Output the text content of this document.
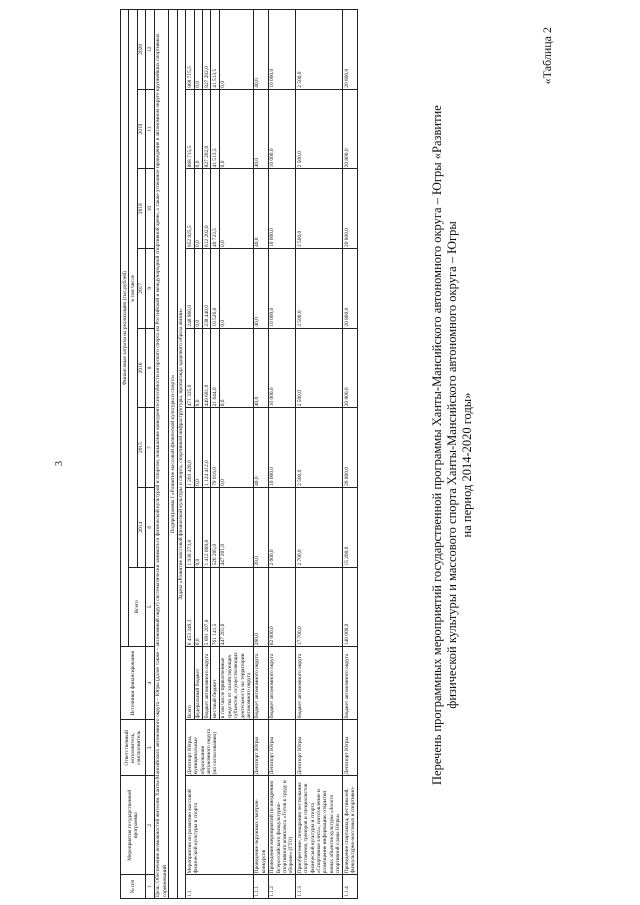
3
«Таблица 2
Перечень программных мероприятий государственной программы Ханты-Мансийского автономного округа – Югры «Развитие физической культуры и массового спорта Ханты-Мансийского автономного округа – Югры на период 2014-2020 годы»
№ п/п	Мероприятия государственной программы	Ответственный исполнитель, соисполнитель	Источники финансирования	Финансовые затраты на реализацию (тыс.рублей)							
				Всего	в том числе						
					2014	2015	2016	2017	2018	2019	2020
1	2	3	4	5	6	7	8	9	10	11	12
Цель: Обеспечение возможностей жителям Ханты-Мансийского автономного округа – Югры (далее также – автономный округ) систематически заниматься физической культурой и спортом, повышение конкурентоспособности югорского спорта на Российской и международной спортивной арене, а также успешное проведение в автономном округе крупнейших спортивных соревнований											
Подпрограмма I «Развитие массовой физической культуры и спорта»											
Задача «Развитие массовой физической культуры и спорта, спортивной инфраструктуры, пропаганда здорового образа жизни»											
1.1	Мероприятия по развитию массовой физической культуры и спорта	Депспорт Югры, муниципальные образования автономного округа (по согласованию)	Всего	6 453 349,3	1 938 273,8	1 203 428,0	471 325,0	248 966,0	852 925,5	868 715,5	868 715,5
			федеральный бюджет	0,0	0,0	0,0	0,0	0,0	0,0	0,0	0,0
			бюджет автономного округа	5 691 207,8	1 412 068,8	1 124 412,0	449 681,0	238 440,0	812 202,0	827 202,0	827 202,0
			местный бюджет	761 141,5	526 205,0	79 016,0	21 644,0	10 526,0	40 723,5	41 513,5	41 513,5
			в том числе привлеченные средства от хозяйствующих субъектов, осуществляющих деятельность на территории автономного округа	447 201,0	447 201,0	0,0	0,0	0,0	0,0	0,0	0,0
1.1.1	Проведение окружных смотров-конкурсов	Депспорт Югры	бюджет автономного округа	260,0	20,0	40,0	40,0	40,0	40,0	40,0	40,0
1.1.2	Проведение мероприятий по внедрению Всероссийского физкультурно-спортивного комплекса «Готов к труду и обороне» (ГТО)	Депспорт Югры	бюджет автономного округа	62 000,0	2 000,0	10 000,0	10 000,0	10 000,0	10 000,0	10 000,0	10 000,0
1.1.3	Приобретение, поощрения чествования спортсменов, тренеров и специалистов физической культуры и спорта «Спортивная элита», изготовление и размещение информации, открытки новых объектов культуры «Золото спортивной славы Югры»	Депспорт Югры	бюджет автономного округа	17 700,0	2 700,0	2 500,0	2 500,0	2 500,0	2 500,0	2 500,0	2 500,0
1.1.4	Проведение спартакиад, фестивалей, физкультурно-массовых и спортивно-	Депспорт Югры	бюджет автономного округа	140 000,0	15 200,0	20 800,0	20 800,0	20 800,0	20 800,0	20 800,0	20 800,0
